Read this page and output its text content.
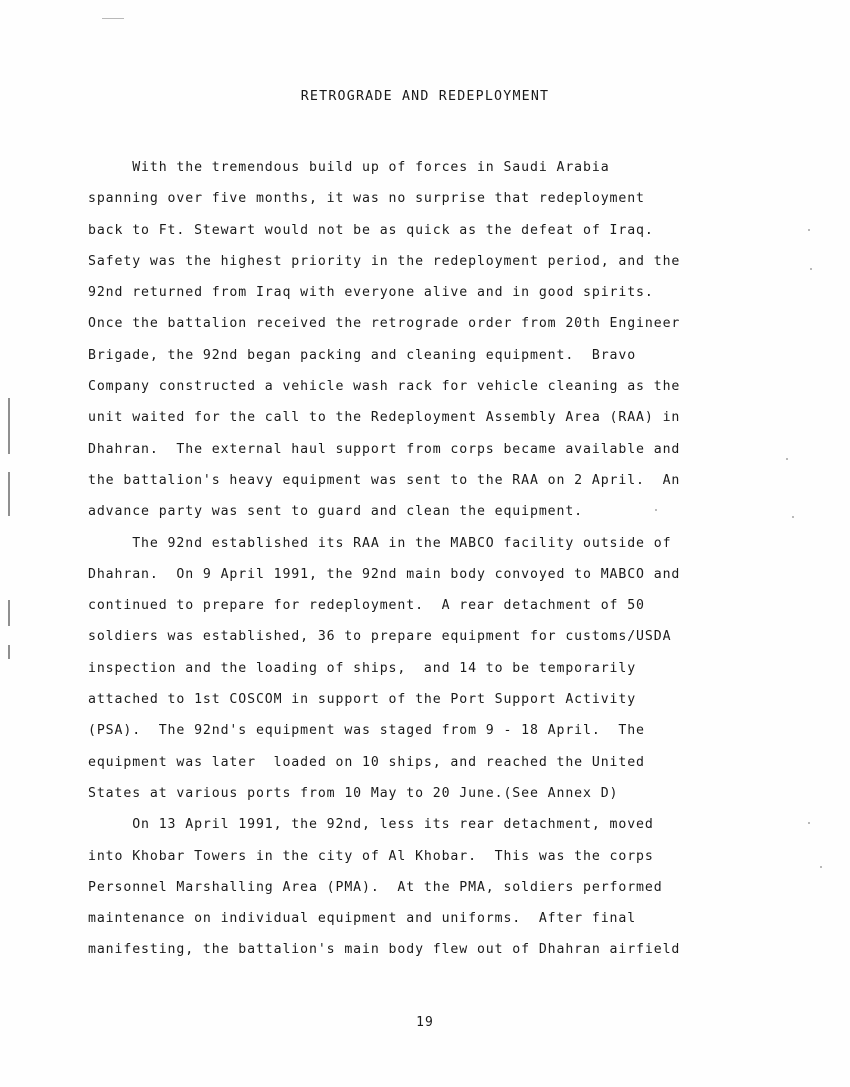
RETROGRADE AND REDEPLOYMENT
With the tremendous build up of forces in Saudi Arabia
spanning over five months, it was no surprise that redeployment
back to Ft. Stewart would not be as quick as the defeat of Iraq.
Safety was the highest priority in the redeployment period, and the
92nd returned from Iraq with everyone alive and in good spirits.
Once the battalion received the retrograde order from 20th Engineer
Brigade, the 92nd began packing and cleaning equipment.  Bravo
Company constructed a vehicle wash rack for vehicle cleaning as the
unit waited for the call to the Redeployment Assembly Area (RAA) in
Dhahran.  The external haul support from corps became available and
the battalion's heavy equipment was sent to the RAA on 2 April.  An
advance party was sent to guard and clean the equipment.
The 92nd established its RAA in the MABCO facility outside of
Dhahran.  On 9 April 1991, the 92nd main body convoyed to MABCO and
continued to prepare for redeployment.  A rear detachment of 50
soldiers was established, 36 to prepare equipment for customs/USDA
inspection and the loading of ships,  and 14 to be temporarily
attached to 1st COSCOM in support of the Port Support Activity
(PSA).  The 92nd's equipment was staged from 9 - 18 April.  The
equipment was later  loaded on 10 ships, and reached the United
States at various ports from 10 May to 20 June.(See Annex D)
On 13 April 1991, the 92nd, less its rear detachment, moved
into Khobar Towers in the city of Al Khobar.  This was the corps
Personnel Marshalling Area (PMA).  At the PMA, soldiers performed
maintenance on individual equipment and uniforms.  After final
manifesting, the battalion's main body flew out of Dhahran airfield
19
